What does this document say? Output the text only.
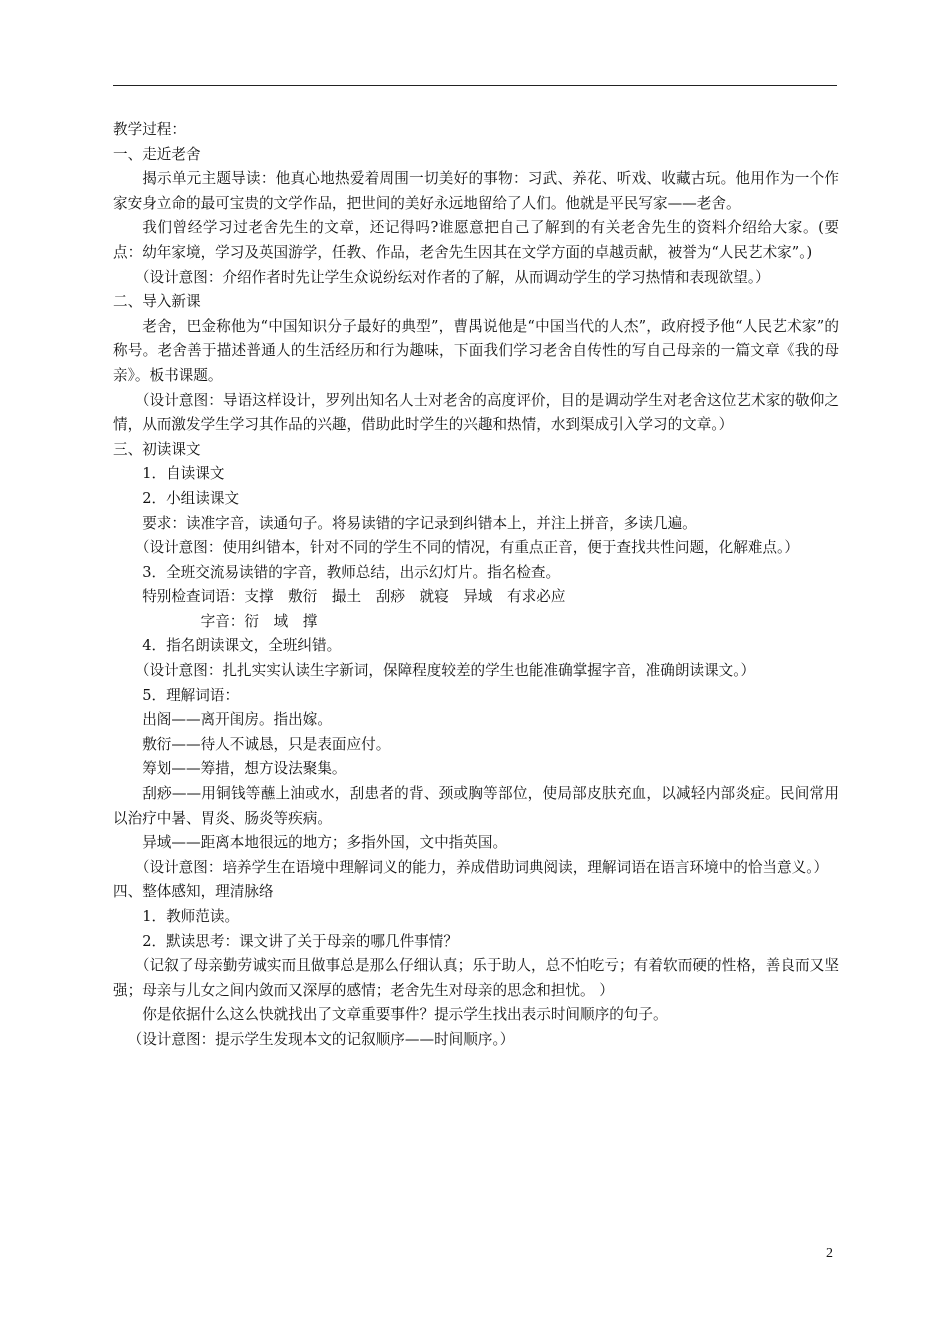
教学过程：

一、走近老舍

揭示单元主题导读：他真心地热爱着周围一切美好的事物：习武、养花、听戏、收藏古玩。他用作为一个作家安身立命的最可宝贵的文学作品，把世间的美好永远地留给了人们。他就是平民写家——老舍。

我们曾经学习过老舍先生的文章，还记得吗?谁愿意把自己了解到的有关老舍先生的资料介绍给大家。(要点：幼年家境，学习及英国游学，任教、作品，老舍先生因其在文学方面的卓越贡献，被誉为“人民艺术家”。)

（设计意图：介绍作者时先让学生众说纷纭对作者的了解，从而调动学生的学习热情和表现欲望。）

二、导入新课

老舍，巴金称他为“中国知识分子最好的典型”，曹禺说他是“中国当代的人杰”，政府授予他“人民艺术家”的称号。老舍善于描述普通人的生活经历和行为趣味，下面我们学习老舍自传性的写自己母亲的一篇文章《我的母亲》。板书课题。

（设计意图：导语这样设计，罗列出知名人士对老舍的高度评价，目的是调动学生对老舍这位艺术家的敬仰之情，从而激发学生学习其作品的兴趣，借助此时学生的兴趣和热情，水到渠成引入学习的文章。）

三、初读课文

1．自读课文

2．小组读课文

要求：读准字音，读通句子。将易读错的字记录到纠错本上，并注上拼音，多读几遍。

（设计意图：使用纠错本，针对不同的学生不同的情况，有重点正音，便于查找共性问题，化解难点。）

3．全班交流易读错的字音，教师总结，出示幻灯片。指名检查。

特别检查词语：支撑　敷衍　撮土　刮痧　就寝　异域　有求必应

字音：衍　域　撑

4．指名朗读课文，全班纠错。

（设计意图：扎扎实实认读生字新词，保障程度较差的学生也能准确掌握字音，准确朗读课文。）

5．理解词语：

出阁——离开闺房。指出嫁。

敷衍——待人不诚恳，只是表面应付。

筹划——筹措，想方设法聚集。

刮痧——用铜钱等蘸上油或水，刮患者的背、颈或胸等部位，使局部皮肤充血，以减轻内部炎症。民间常用以治疗中暑、胃炎、肠炎等疾病。

异域——距离本地很远的地方；多指外国，文中指英国。

（设计意图：培养学生在语境中理解词义的能力，养成借助词典阅读，理解词语在语言环境中的恰当意义。）

四、整体感知，理清脉络

1．教师范读。

2．默读思考：课文讲了关于母亲的哪几件事情？

（记叙了母亲勤劳诚实而且做事总是那么仔细认真；乐于助人，总不怕吃亏；有着软而硬的性格，善良而又坚强；母亲与儿女之间内敛而又深厚的感情；老舍先生对母亲的思念和担忧。 ）

你是依据什么这么快就找出了文章重要事件？提示学生找出表示时间顺序的句子。

（设计意图：提示学生发现本文的记叙顺序——时间顺序。）

2
